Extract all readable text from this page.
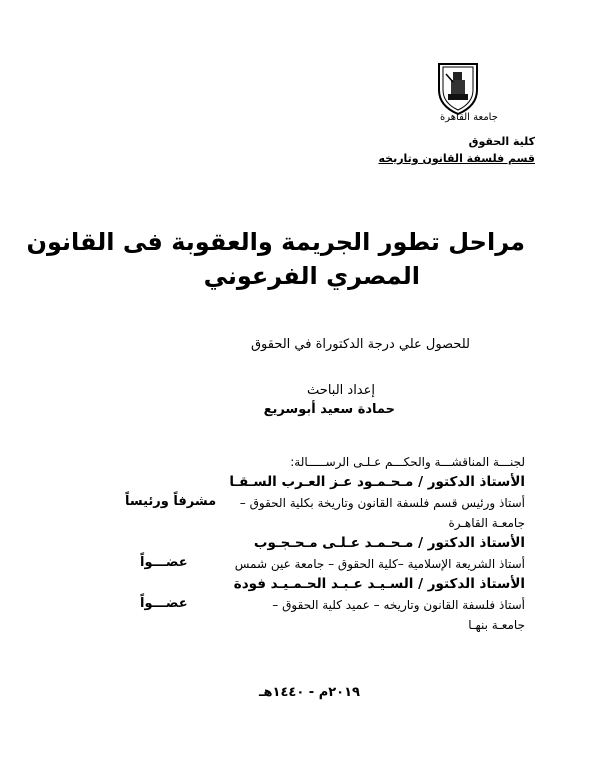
جامعة القاهرة
كلية الحقوق
قسم فلسفة القانون وتاريخه
مراحل تطور الجريمة والعقوبة فى القانون
المصري الفرعوني
للحصول علي درجة الدكتوراة في الحقوق
إعداد الباحث
حمادة سعيد أبوسريع
لجنـــة المناقشـــة والحكـــم عـلـى الرســـــالة:
الأستاذ الدكتور / مـحـمـود عـز العـرب السـقـا
أستاذ ورئيس قسم فلسفة القانون وتاريخة بكلية الحقوق –
جامعـة القاهـرة
مشرفاً ورئيساً
الأستاذ الدكتور / مـحـمـد عـلـى مـحـجـوب
أستاذ الشريعة الإسلامية –كلية الحقوق – جامعة عين شمس
عضـــواً
الأستاذ الدكتور / السـيـد عـبـد الحـمـيـد فودة
أستاذ فلسفة القانون وتاريخه – عميد كلية الحقوق –
جامعـة بنهـا
عضـــواً
٢٠١٩م - ١٤٤٠هـ
